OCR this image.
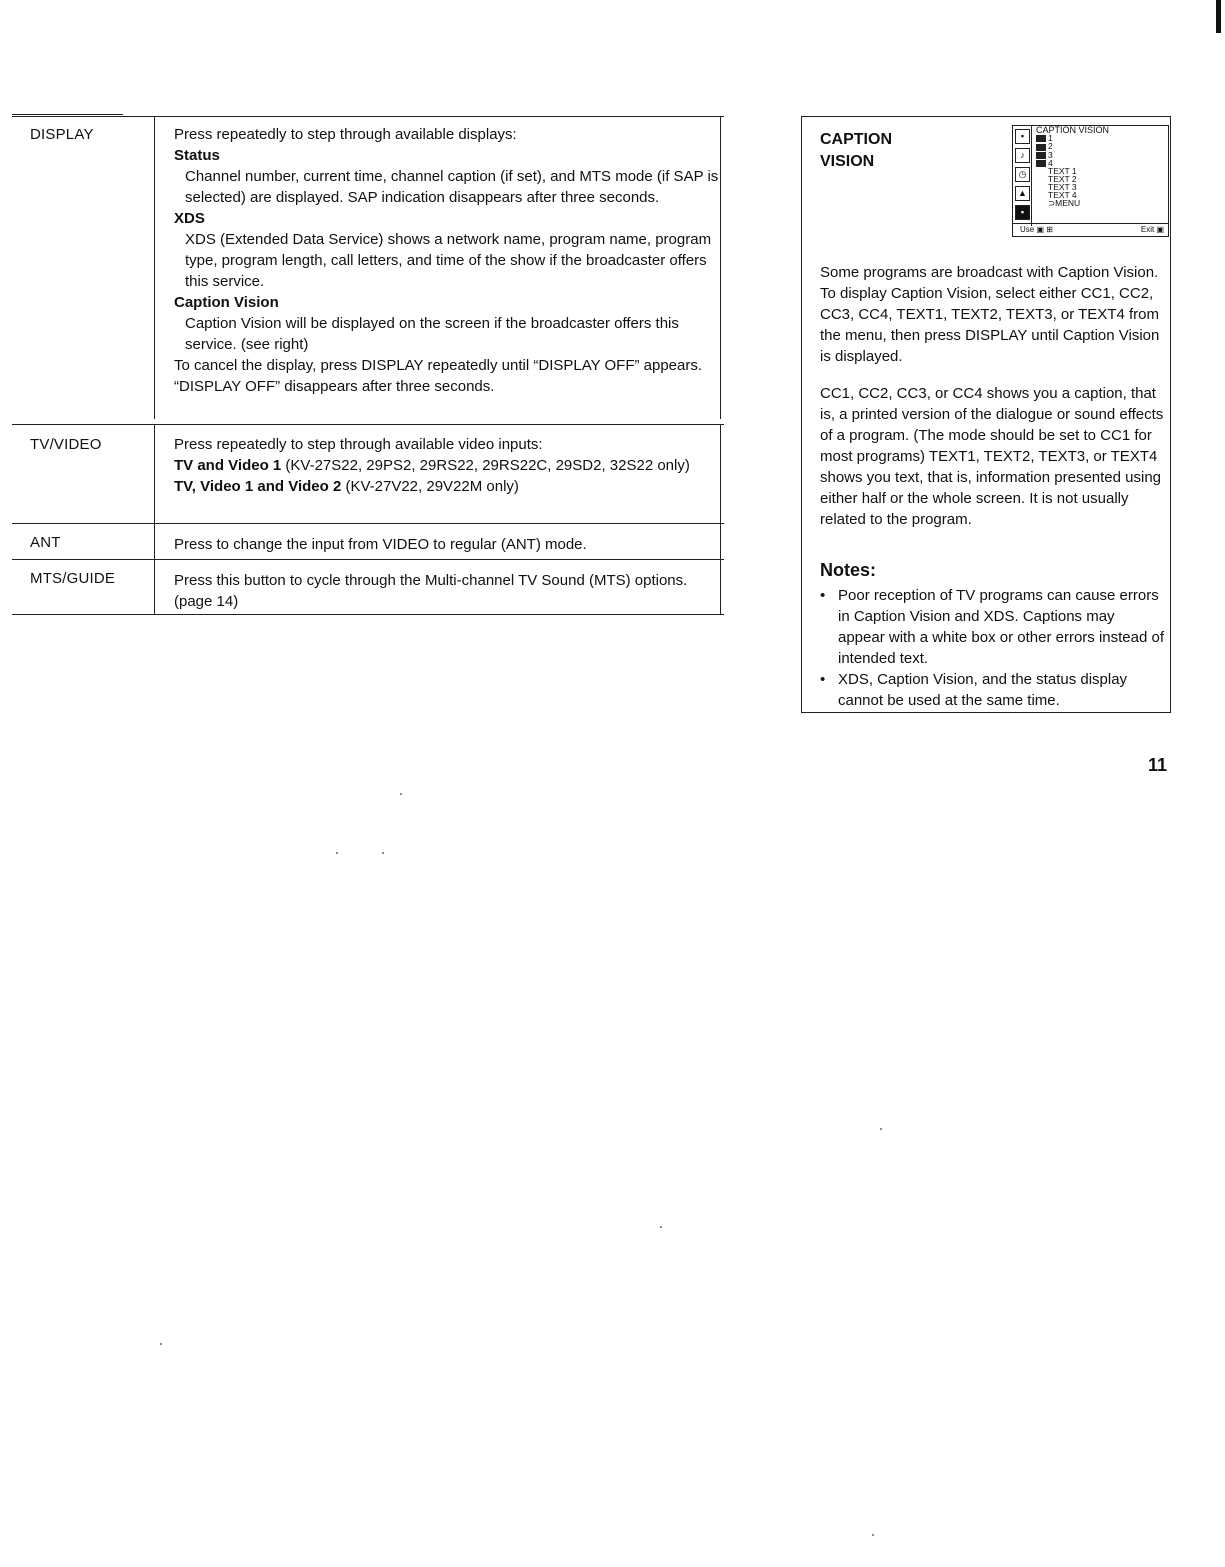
DISPLAY	Press repeatedly to step through available displays:

Status

Channel number, current time, channel caption (if set), and MTS mode (if SAP is selected) are displayed. SAP indication disappears after three seconds.

XDS

XDS (Extended Data Service) shows a network name, program name, program type, program length, call letters, and time of the show if the broadcaster offers this service.

Caption Vision

Caption Vision will be displayed on the screen if the broadcaster offers this service. (see right)

To cancel the display, press DISPLAY repeatedly until “DISPLAY OFF” appears. “DISPLAY OFF” disappears after three seconds.

TV/VIDEO	Press repeatedly to step through available video inputs:

TV and Video 1 (KV-27S22, 29PS2, 29RS22, 29RS22C, 29SD2, 32S22 only)

TV, Video 1 and Video 2 (KV-27V22, 29V22M only)

ANT	Press to change the input from VIDEO to regular (ANT) mode.

MTS/GUIDE	Press this button to cycle through the Multi-channel TV Sound (MTS) options. (page 14)

CAPTION
VISION
▪
♪
◷
▲
▪
CAPTION VISION
1
2
3
4
TEXT 1
TEXT 2
TEXT 3
TEXT 4
⊃MENU
Use ▣ ⊞	Exit ▣

Some programs are broadcast with Caption Vision. To display Caption Vision, select either CC1, CC2, CC3, CC4, TEXT1, TEXT2, TEXT3, or TEXT4 from the menu, then press DISPLAY until Caption Vision is displayed.

CC1, CC2, CC3, or CC4 shows you a caption, that is, a printed version of the dialogue or sound effects of a program. (The mode should be set to CC1 for most programs) TEXT1, TEXT2, TEXT3, or TEXT4 shows you text, that is, information presented using either half or the whole screen. It is not usually related to the program.

Notes:
• Poor reception of TV programs can cause errors in Caption Vision and XDS. Captions may appear with a white box or other errors instead of intended text.
• XDS, Caption Vision, and the status display cannot be used at the same time.
11
